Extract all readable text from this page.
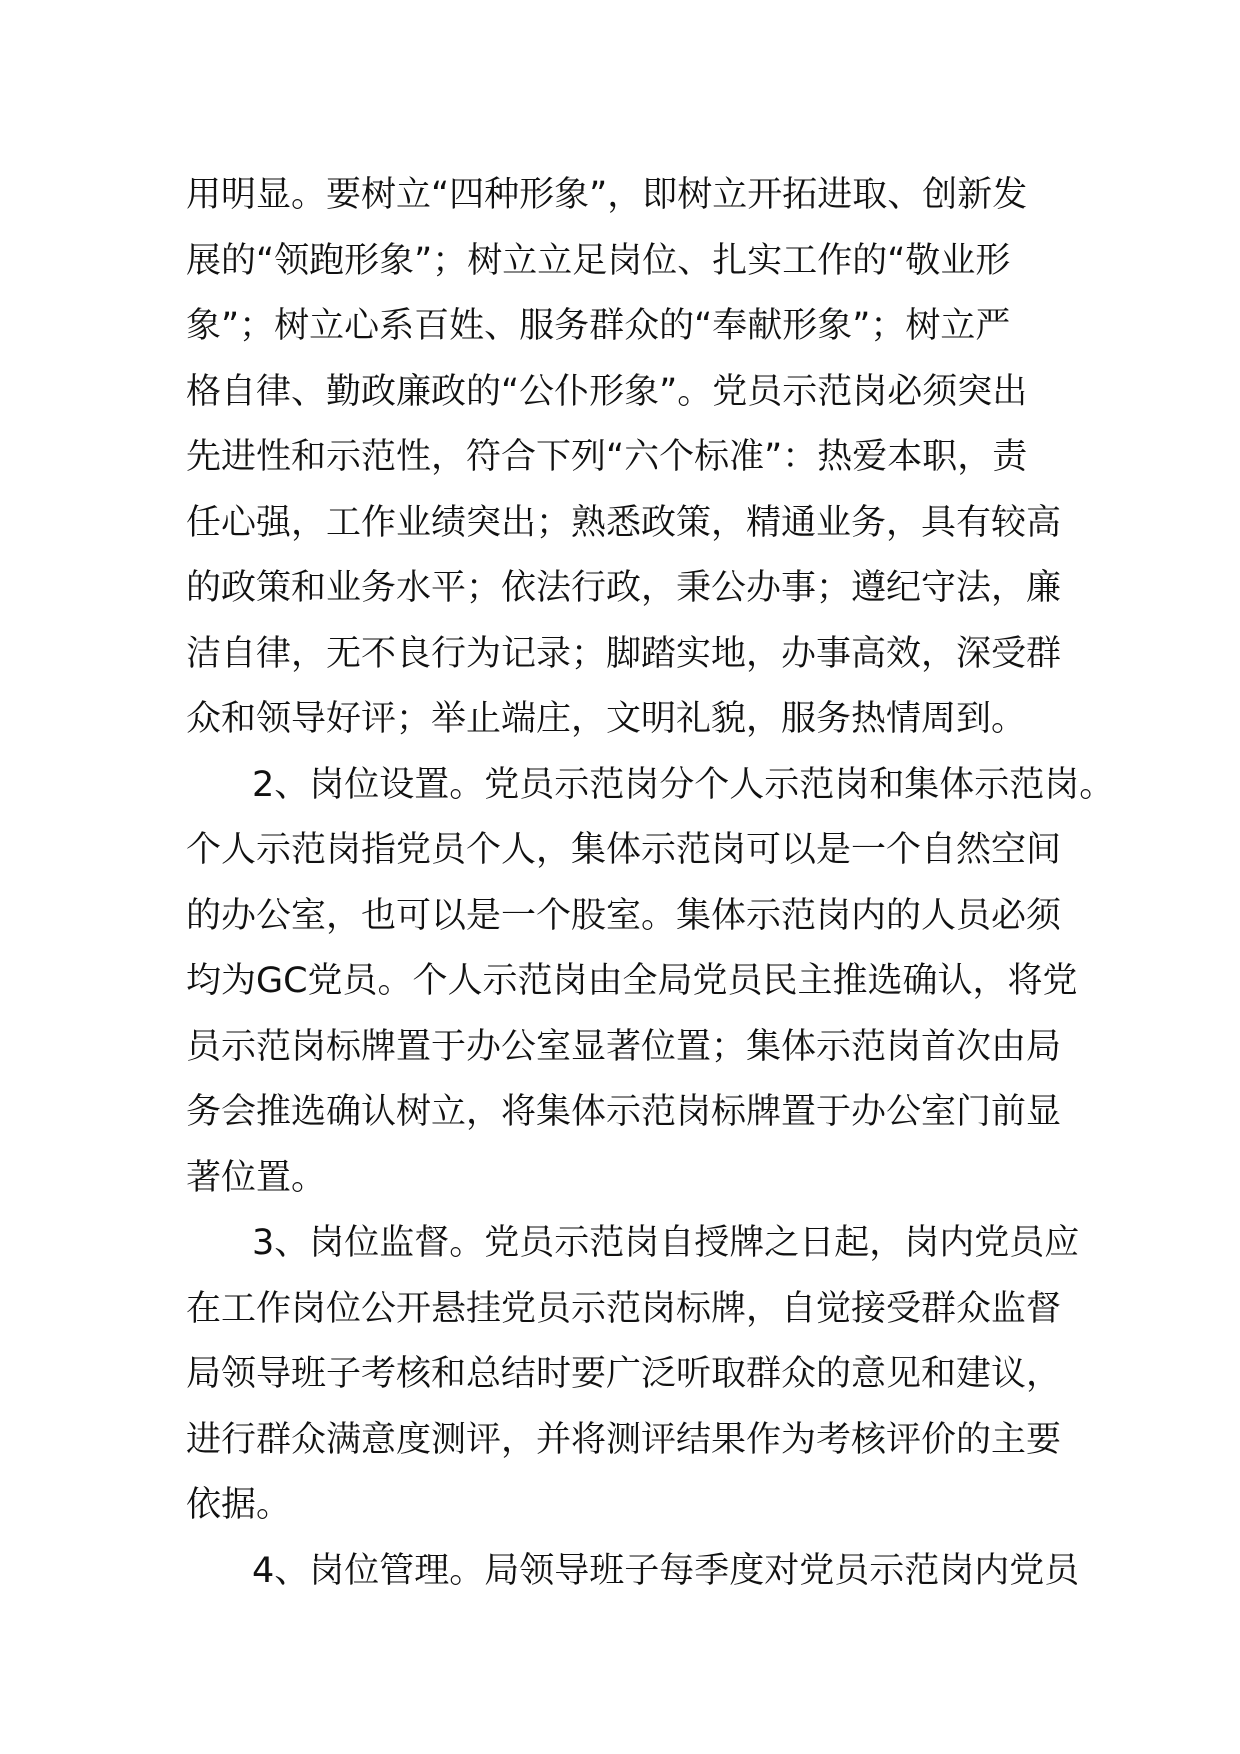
用明显。要树立“四种形象”，即树立开拓进取、创新发
展的“领跑形象”；树立立足岗位、扎实工作的“敬业形
象”；树立心系百姓、服务群众的“奉献形象”；树立严
格自律、勤政廉政的“公仆形象”。党员示范岗必须突出
先进性和示范性，符合下列“六个标准”：热爱本职，责
任心强，工作业绩突出；熟悉政策，精通业务，具有较高
的政策和业务水平；依法行政，秉公办事；遵纪守法，廉
洁自律，无不良行为记录；脚踏实地，办事高效，深受群
众和领导好评；举止端庄，文明礼貌，服务热情周到。
2、岗位设置。党员示范岗分个人示范岗和集体示范岗。
个人示范岗指党员个人，集体示范岗可以是一个自然空间
的办公室，也可以是一个股室。集体示范岗内的人员必须
均为GC党员。个人示范岗由全局党员民主推选确认，将党
员示范岗标牌置于办公室显著位置；集体示范岗首次由局
务会推选确认树立，将集体示范岗标牌置于办公室门前显
著位置。
3、岗位监督。党员示范岗自授牌之日起，岗内党员应
在工作岗位公开悬挂党员示范岗标牌，自觉接受群众监督
局领导班子考核和总结时要广泛听取群众的意见和建议，
进行群众满意度测评，并将测评结果作为考核评价的主要
依据。
4、岗位管理。局领导班子每季度对党员示范岗内党员
